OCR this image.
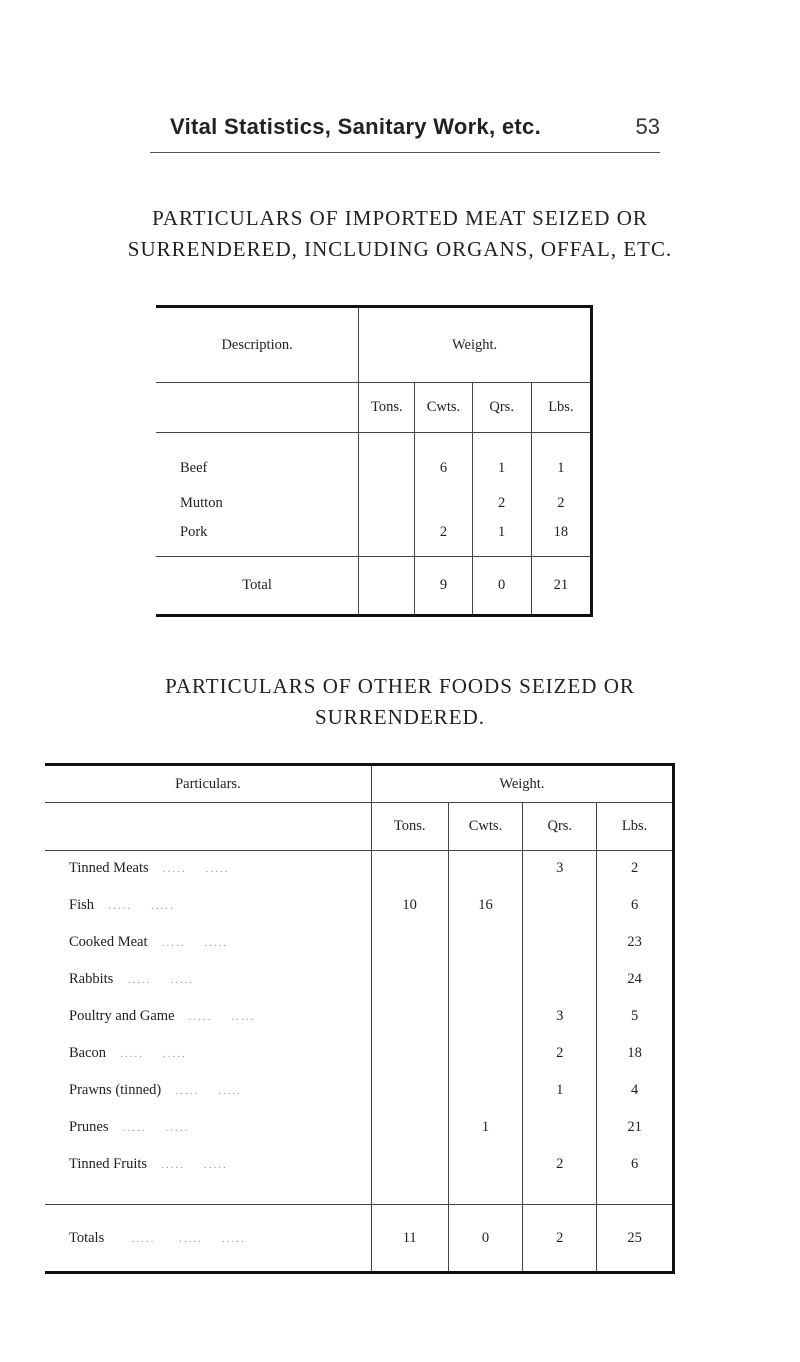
Vital Statistics, Sanitary Work, etc.	53
PARTICULARS OF IMPORTED MEAT SEIZED OR
SURRENDERED, INCLUDING ORGANS, OFFAL, ETC.
Description.	Weight.			
	Tons.	Cwts.	Qrs.	Lbs.
Beef		6	1	1
Mutton			2	2
Pork		2	1	18
Total		9	0	21
PARTICULARS OF OTHER FOODS SEIZED OR
SURRENDERED.
Particulars.	Weight.			
	Tons.	Cwts.	Qrs.	Lbs.
Tinned Meats   .....    .....			3	2
Fish   .....    .....	10	16		6
Cooked Meat   .....    .....				23
Rabbits   .....    .....				24
Poultry and Game   .....    .....			3	5
Bacon   .....    .....			2	18
Prawns (tinned)   .....    .....			1	4
Prunes   .....    .....		1		21
Tinned Fruits   .....    .....			2	6
Totals      .....     .....    .....	11	0	2	25
